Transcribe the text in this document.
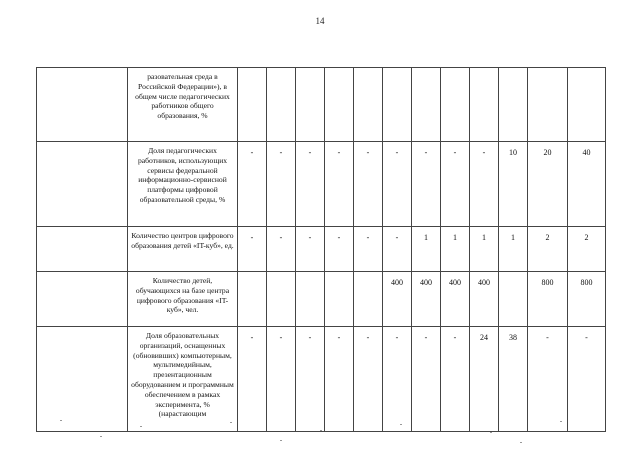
14
	разовательная среда в Российской Федерации»), в общем числе педагогических работников общего образования, %												
	Доля педагогических работников, использующих сервисы федеральной информационно-сервисной платформы цифровой образовательной среды, %	-	-	-	-	-	-	-	-	-	10	20	40
	Количество центров цифрового образования детей «IT-куб», ед.	-	-	-	-	-	-	1	1	1	1	2	2
	Количество детей, обучающихся на базе центра цифрового образования «IT-куб», чел.						400	400	400	400		800	800
	Доля образовательных организаций, оснащенных (обновивших) компьютерным, мультимедийным, презентационным оборудованием и программным обеспечением в рамках эксперимента, % (нарастающим	-	-	-	-	-	-	-	-	24	38	-	-
